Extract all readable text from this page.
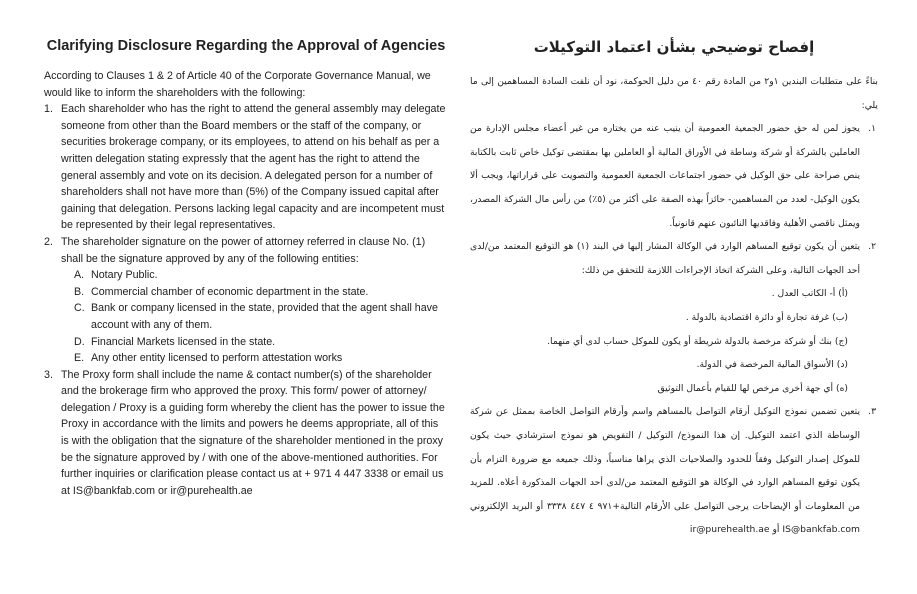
Clarifying Disclosure Regarding the Approval of Agencies

According to Clauses 1 & 2 of Article 40 of the Corporate Governance Manual, we would like to inform the shareholders with the following:

1. Each shareholder who has the right to attend the general assembly may delegate someone from other than the Board members or the staff of the company, or securities brokerage company, or its employees, to attend on his behalf as per a written delegation stating expressly that the agent has the right to attend the general assembly and vote on its decision. A delegated person for a number of shareholders shall not have more than (5%) of the Company issued capital after gaining that delegation. Persons lacking legal capacity and are incompetent must be represented by their legal representatives.
2. The shareholder signature on the power of attorney referred in clause No. (1) shall be the signature approved by any of the following entities:
A. Notary Public.
B. Commercial chamber of economic department in the state.
C. Bank or company licensed in the state, provided that the agent shall have account with any of them.
D. Financial Markets licensed in the state.
E. Any other entity licensed to perform attestation works
3. The Proxy form shall include the name & contact number(s) of the shareholder and the brokerage firm who approved the proxy. This form/ power of attorney/ delegation / Proxy is a guiding form whereby the client has the power to issue the Proxy in accordance with the limits and powers he deems appropriate, all of this is with the obligation that the signature of the shareholder mentioned in the proxy be the signature approved by / with one of the above-mentioned authorities. For further inquiries or clarification please contact us at + 971 4 447 3338 or email us at IS@bankfab.com or ir@purehealth.ae
إفصاح توضيحي بشأن اعتماد التوكيلات

بناءً على متطلبات البندين ١و٢ من المادة رقم ٤٠ من دليل الحوكمة، نود أن نلفت السادة المساهمين إلى ما يلي:

١.
يجوز لمن له حق حضور الجمعية العمومية أن ينيب عنه من يختاره من غير أعضاء مجلس الإدارة من العاملين بالشركة أو شركة وساطة في الأوراق المالية أو العاملين بها بمقتضى توكيل خاص ثابت بالكتابة ينص صراحة على حق الوكيل في حضور اجتماعات الجمعية العمومية والتصويت على قراراتها، ويجب ألا يكون الوكيل- لعدد من المساهمين- حائزاً بهذه الصفة على أكثر من (٥٪) من رأس مال الشركة المصدر، ويمثل ناقصي الأهلية وفاقديها النائبون عنهم قانونياً.
٢.
يتعين أن يكون توقيع المساهم الوارد في الوكالة المشار إليها في البند (١) هو التوقيع المعتمد من/لدى أحد الجهات التالية، وعلى الشركة اتخاذ الإجراءات اللازمة للتحقق من ذلك:
(أ) أ- الكاتب العدل .
(ب) غرفة تجارة أو دائرة اقتصادية بالدولة .
(ج) بنك أو شركة مرخصة بالدولة شريطة أو يكون للموكل حساب لدى أي منهما.
(د) الأسواق المالية المرخصة في الدولة.
(ه) أي جهة أخرى مرخص لها للقيام بأعمال التوثيق
٣.
يتعين تضمين نموذج التوكيل أرقام التواصل بالمساهم واسم وأرقام التواصل الخاصة بممثل عن شركة الوساطة الذي اعتمد التوكيل. إن هذا النموذج/ التوكيل / التفويض هو نموذج استرشادي حيث يكون للموكل إصدار التوكيل وفقاً للحدود والصلاحيات الذي يراها مناسباً، وذلك جميعه مع ضرورة التزام بأن يكون توقيع المساهم الوارد في الوكالة هو التوقيع المعتمد من/لدى أحد الجهات المذكورة أعلاه. للمزيد من المعلومات أو الإيضاحات يرجى التواصل على الأرقام التالية+٩٧١ ٤ ٤٤٧ ٣٣٣٨ أو البريد الإلكتروني IS@bankfab.com أو ir@purehealth.ae
